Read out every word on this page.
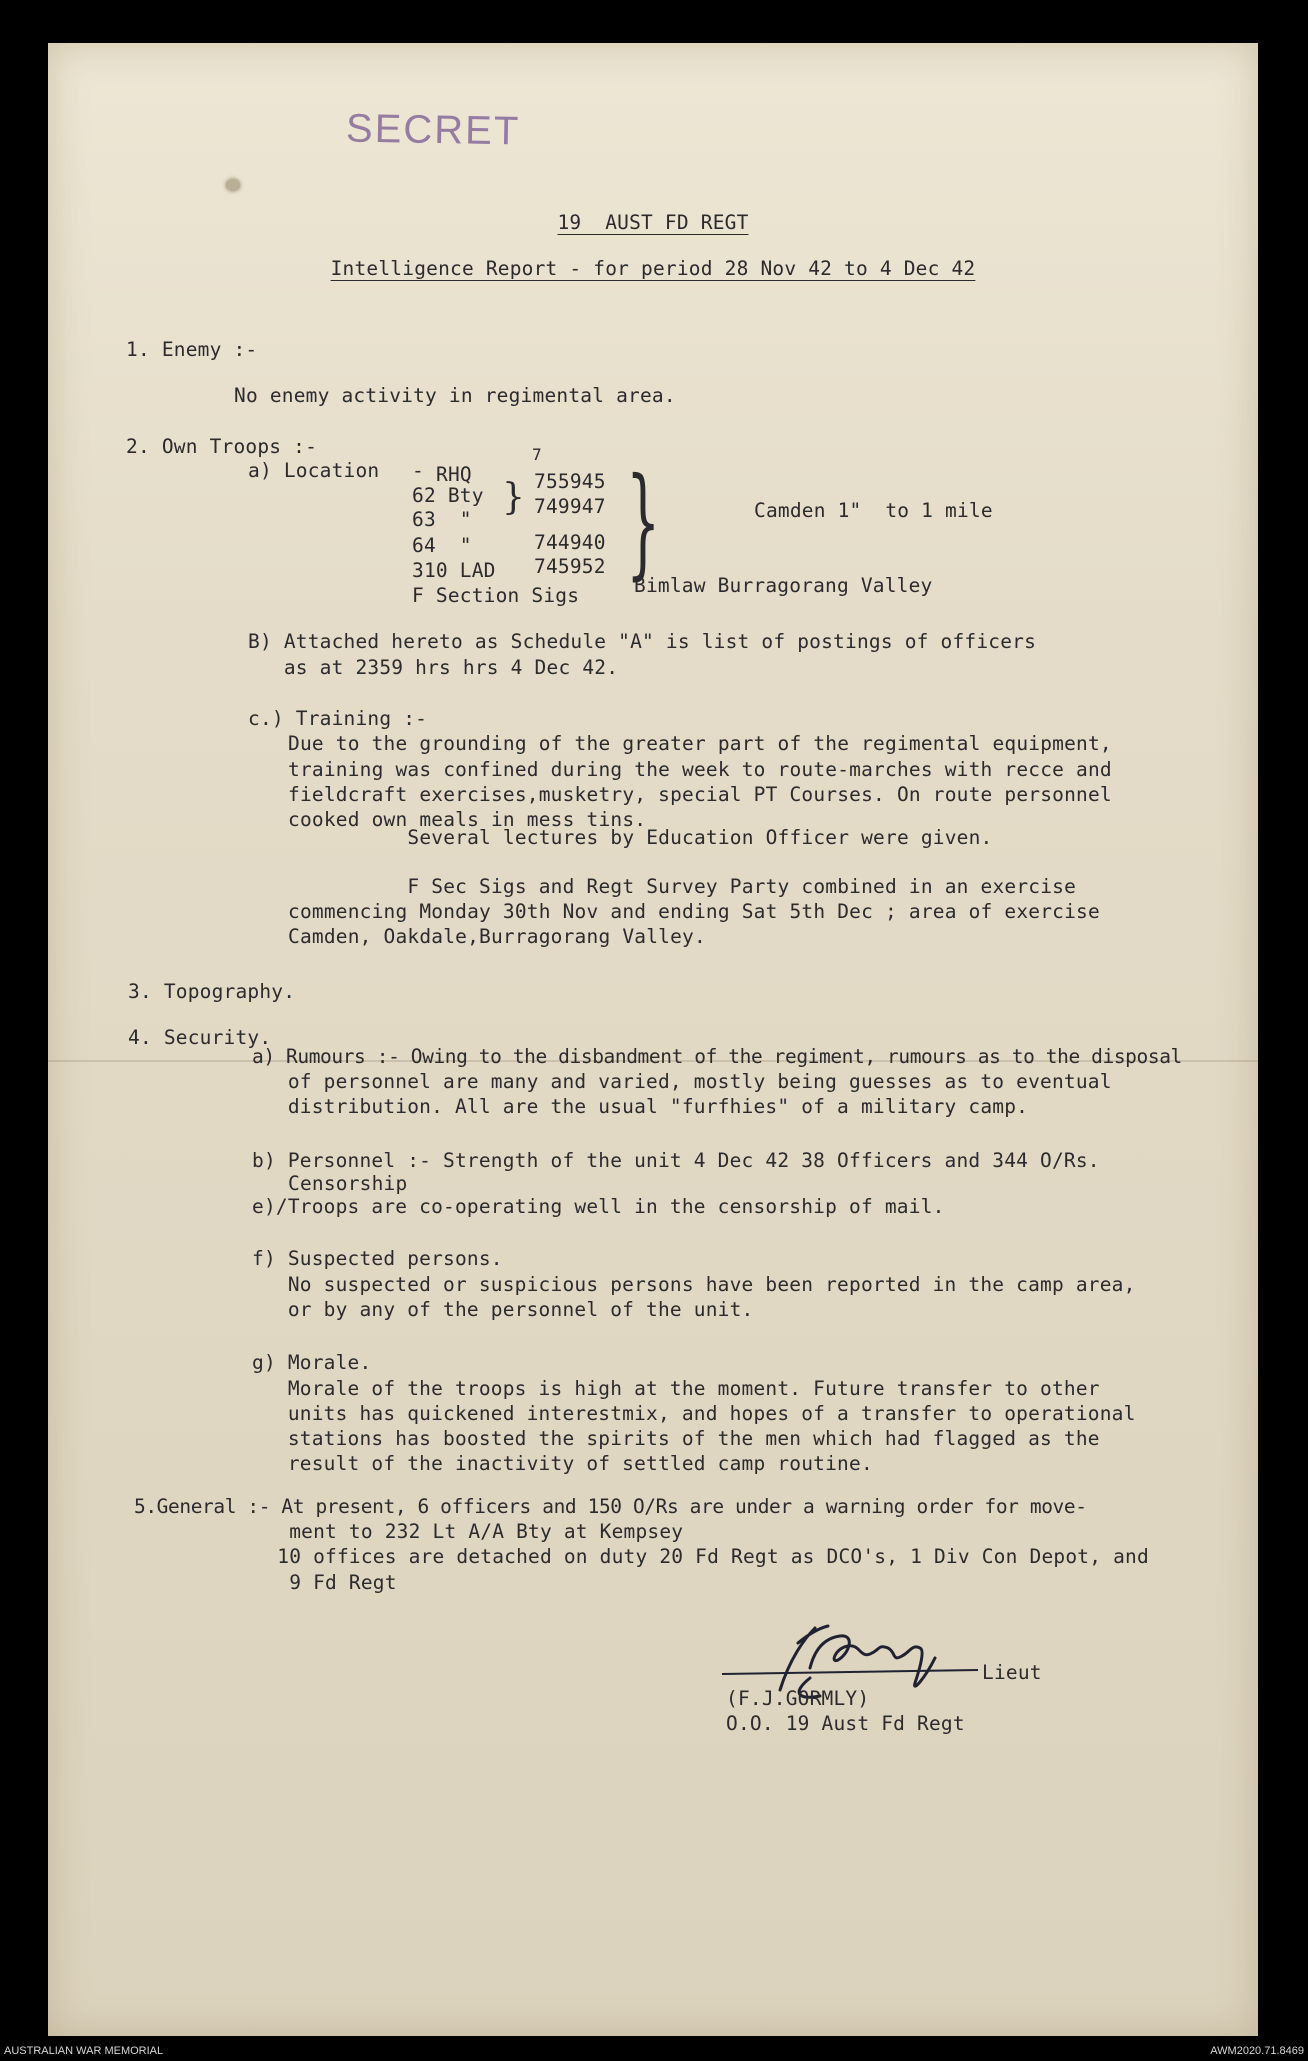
SECRET
19  AUST FD REGT
Intelligence Report - for period 28 Nov 42 to 4 Dec 42
1. Enemy :-
No enemy activity in regimental area.
2. Own Troops :-	7
a) Location - RHQ	755945
62 Bty	749947
63  "
64  "	744940
310 LAD 745952
F Section Sigs
} }	Camden 1"  to 1 mile
Bimlaw Burragorang Valley
B) Attached hereto as Schedule "A" is list of postings of officers
as at 2359 hrs hrs 4 Dec 42.
c.) Training :-
Due to the grounding of the greater part of the regimental equipment,
training was confined during the week to route-marches with recce and
fieldcraft exercises,musketry, special PT Courses. On route personnel
cooked own meals in mess tins.
Several lectures by Education Officer were given.
F Sec Sigs and Regt Survey Party combined in an exercise
commencing Monday 30th Nov and ending Sat 5th Dec ; area of exercise
Camden, Oakdale,Burragorang Valley.
3. Topography.
4. Security.
a) Rumours :- Owing to the disbandment of the regiment, rumours as to the disposal
of personnel are many and varied, mostly being guesses as to eventual
distribution. All are the usual "furfhies" of a military camp.
b) Personnel :- Strength of the unit 4 Dec 42 38 Officers and 344 O/Rs.
Censorship
e)/Troops are co-operating well in the censorship of mail.
f) Suspected persons.
No suspected or suspicious persons have been reported in the camp area,
or by any of the personnel of the unit.
g) Morale.
Morale of the troops is high at the moment. Future transfer to other
units has quickened interestmix, and hopes of a transfer to operational
stations has boosted the spirits of the men which had flagged as the
result of the inactivity of settled camp routine.
5.General :- At present, 6 officers and 150 O/Rs are under a warning order for move-
ment to 232 Lt A/A Bty at Kempsey
10 offices are detached on duty 20 Fd Regt as DCO's, 1 Div Con Depot, and
9 Fd Regt
Lieut
(F.J.GORMLY)
O.O. 19 Aust Fd Regt
AUSTRALIAN WAR MEMORIAL	AWM2020.71.8469
